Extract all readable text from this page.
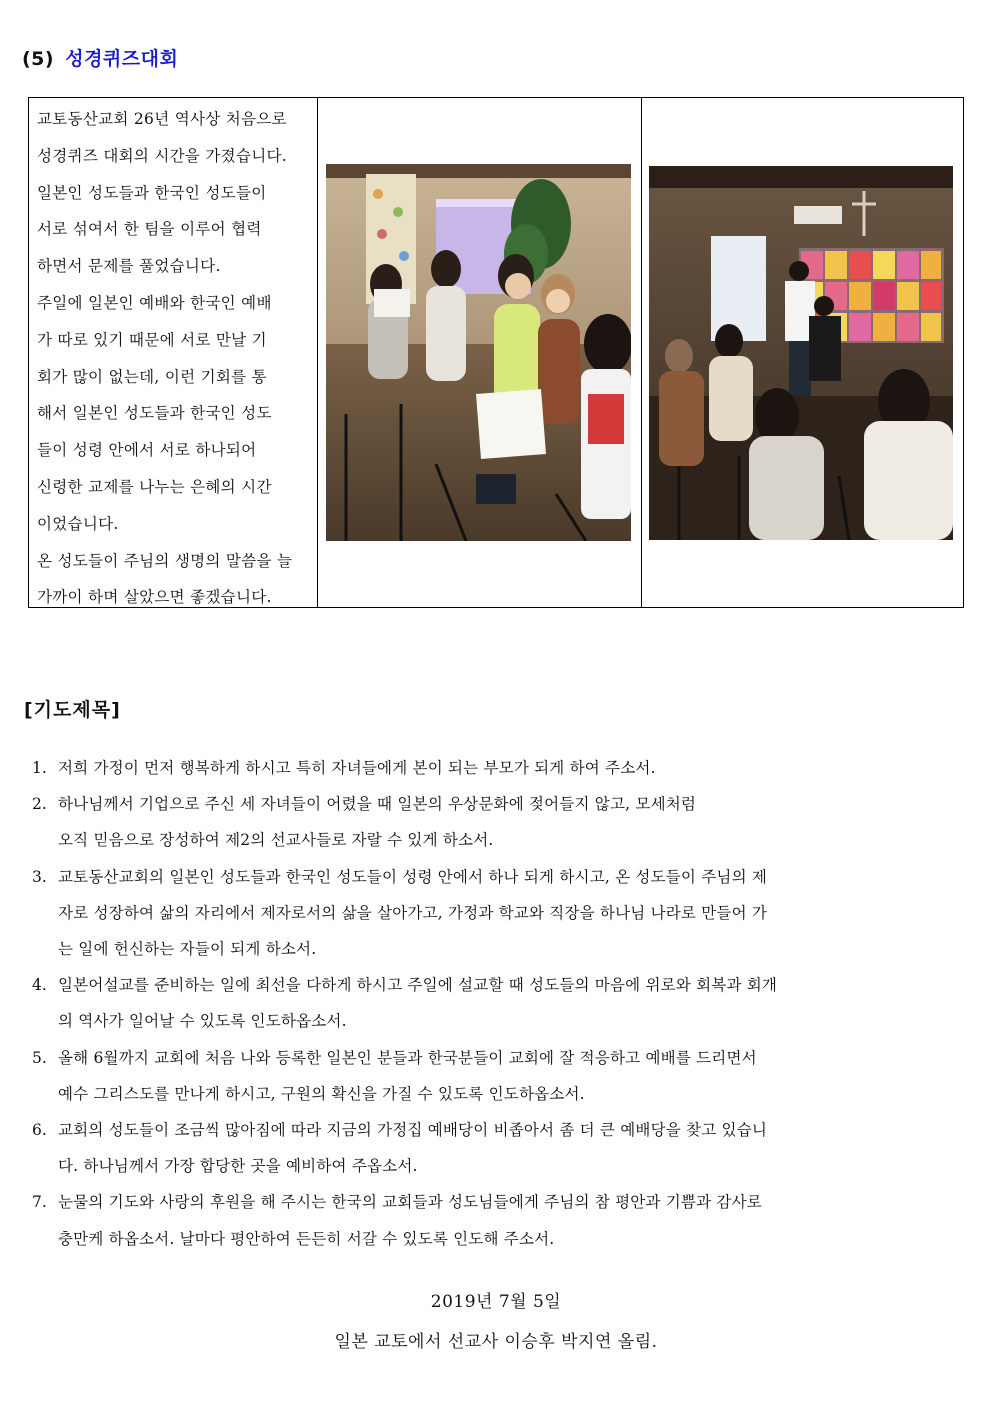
(5) 성경퀴즈대회
교토동산교회 26년 역사상 처음으로
성경퀴즈 대회의 시간을 가졌습니다.
일본인 성도들과 한국인 성도들이
서로 섞여서 한 팀을 이루어 협력
하면서 문제를 풀었습니다.
주일에 일본인 예배와 한국인 예배
가 따로 있기 때문에 서로 만날 기
회가 많이 없는데, 이런 기회를 통
해서 일본인 성도들과 한국인 성도
들이 성령 안에서 서로 하나되어
신령한 교제를 나누는 은혜의 시간
이었습니다.
온 성도들이 주님의 생명의 말씀을 늘
가까이 하며 살았으면 좋겠습니다.
[기도제목]
1. 저희 가정이 먼저 행복하게 하시고 특히 자녀들에게 본이 되는 부모가 되게 하여 주소서.
2. 하나님께서 기업으로 주신 세 자녀들이 어렸을 때 일본의 우상문화에 젖어들지 않고, 모세처럼
오직 믿음으로 장성하여 제2의 선교사들로 자랄 수 있게 하소서.
3. 교토동산교회의 일본인 성도들과 한국인 성도들이 성령 안에서 하나 되게 하시고, 온 성도들이 주님의 제
자로 성장하여 삶의 자리에서 제자로서의 삶을 살아가고, 가정과 학교와 직장을 하나님 나라로 만들어 가
는 일에 헌신하는 자들이 되게 하소서.
4. 일본어설교를 준비하는 일에 최선을 다하게 하시고 주일에 설교할 때 성도들의 마음에 위로와 회복과 회개
의 역사가 일어날 수 있도록 인도하옵소서.
5. 올해 6월까지 교회에 처음 나와 등록한 일본인 분들과 한국분들이 교회에 잘 적응하고 예배를 드리면서
예수 그리스도를 만나게 하시고, 구원의 확신을 가질 수 있도록 인도하옵소서.
6. 교회의 성도들이 조금씩 많아짐에 따라 지금의 가정집 예배당이 비좁아서 좀 더 큰 예배당을 찾고 있습니
다. 하나님께서 가장 합당한 곳을 예비하여 주옵소서.
7. 눈물의 기도와 사랑의 후원을 해 주시는 한국의 교회들과 성도님들에게 주님의 참 평안과 기쁨과 감사로
충만케 하옵소서. 날마다 평안하여 든든히 서갈 수 있도록 인도해 주소서.
2019년 7월 5일
일본 교토에서 선교사 이승후 박지연 올림.
